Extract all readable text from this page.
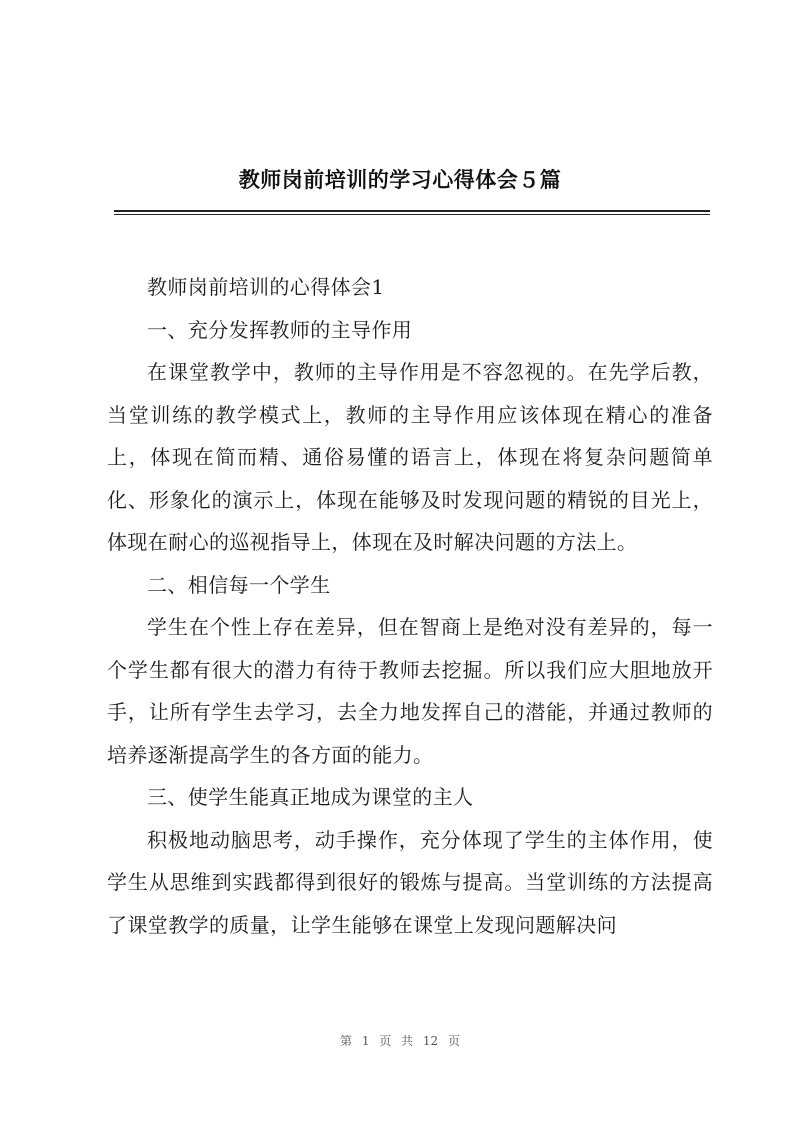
教师岗前培训的学习心得体会５篇

教师岗前培训的心得体会1

一、充分发挥教师的主导作用

在课堂教学中，教师的主导作用是不容忽视的。在先学后教，当堂训练的教学模式上，教师的主导作用应该体现在精心的准备上，体现在简而精、通俗易懂的语言上，体现在将复杂问题简单化、形象化的演示上，体现在能够及时发现问题的精锐的目光上，体现在耐心的巡视指导上，体现在及时解决问题的方法上。

二、相信每一个学生

学生在个性上存在差异，但在智商上是绝对没有差异的，每一个学生都有很大的潜力有待于教师去挖掘。所以我们应大胆地放开手，让所有学生去学习，去全力地发挥自己的潜能，并通过教师的培养逐渐提高学生的各方面的能力。

三、使学生能真正地成为课堂的主人

积极地动脑思考，动手操作，充分体现了学生的主体作用，使学生从思维到实践都得到很好的锻炼与提高。当堂训练的方法提高了课堂教学的质量，让学生能够在课堂上发现问题解决问

第 1 页 共 12 页
